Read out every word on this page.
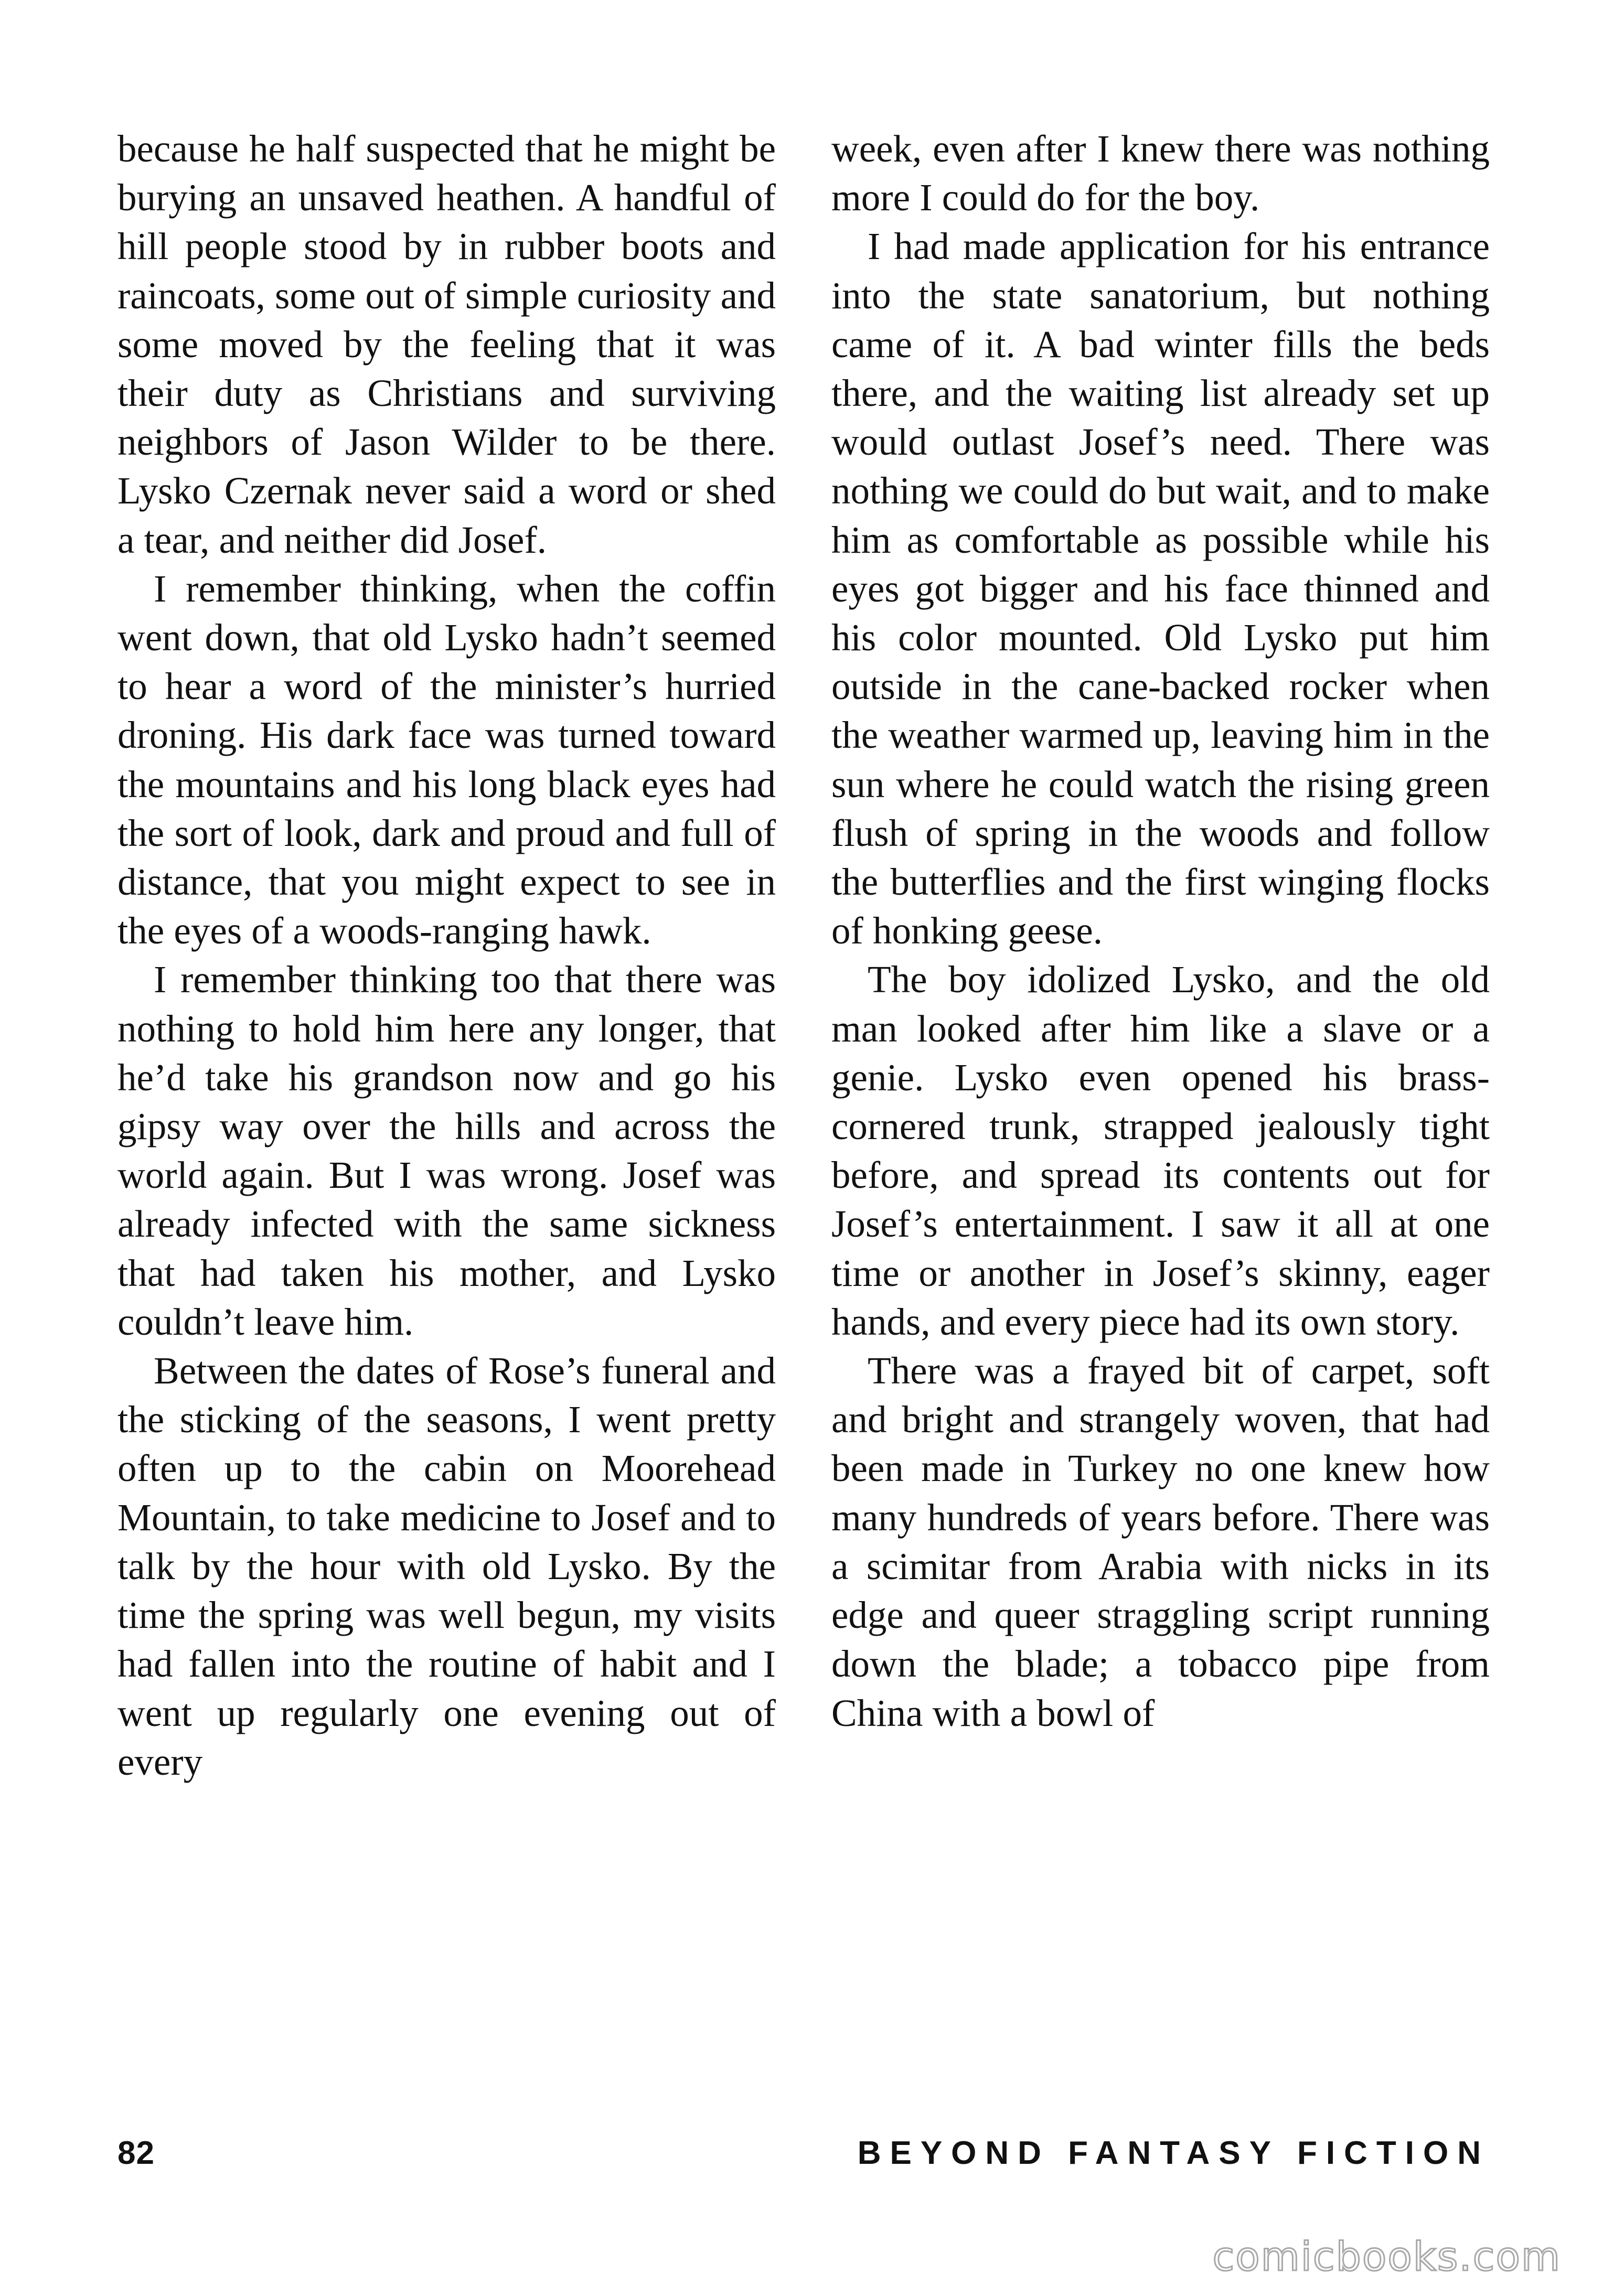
because he half suspected that he might be burying an unsaved heathen. A handful of hill people stood by in rubber boots and raincoats, some out of simple curiosity and some moved by the feeling that it was their duty as Christians and surviving neighbors of Jason Wilder to be there. Lysko Czernak never said a word or shed a tear, and neither did Josef.

I remember thinking, when the coffin went down, that old Lysko hadn’t seemed to hear a word of the minister’s hurried droning. His dark face was turned toward the mountains and his long black eyes had the sort of look, dark and proud and full of distance, that you might expect to see in the eyes of a woods-ranging hawk.

I remember thinking too that there was nothing to hold him here any longer, that he’d take his grandson now and go his gipsy way over the hills and across the world again. But I was wrong. Josef was already infected with the same sickness that had taken his mother, and Lysko couldn’t leave him.

Between the dates of Rose’s funeral and the sticking of the seasons, I went pretty often up to the cabin on Moorehead Mountain, to take medicine to Josef and to talk by the hour with old Lysko. By the time the spring was well begun, my visits had fallen into the routine of habit and I went up regularly one evening out of every

week, even after I knew there was nothing more I could do for the boy.

I had made application for his entrance into the state sanatorium, but nothing came of it. A bad winter fills the beds there, and the waiting list already set up would outlast Josef’s need. There was nothing we could do but wait, and to make him as comfortable as possible while his eyes got bigger and his face thinned and his color mounted. Old Lysko put him outside in the cane-backed rocker when the weather warmed up, leaving him in the sun where he could watch the rising green flush of spring in the woods and follow the butterflies and the first winging flocks of honking geese.

The boy idolized Lysko, and the old man looked after him like a slave or a genie. Lysko even opened his brass-cornered trunk, strapped jealously tight before, and spread its contents out for Josef’s entertainment. I saw it all at one time or another in Josef’s skinny, eager hands, and every piece had its own story.

There was a frayed bit of carpet, soft and bright and strangely woven, that had been made in Turkey no one knew how many hundreds of years before. There was a scimitar from Arabia with nicks in its edge and queer straggling script running down the blade; a tobacco pipe from China with a bowl of

82	BEYOND FANTASY FICTION
comicbooks.com
